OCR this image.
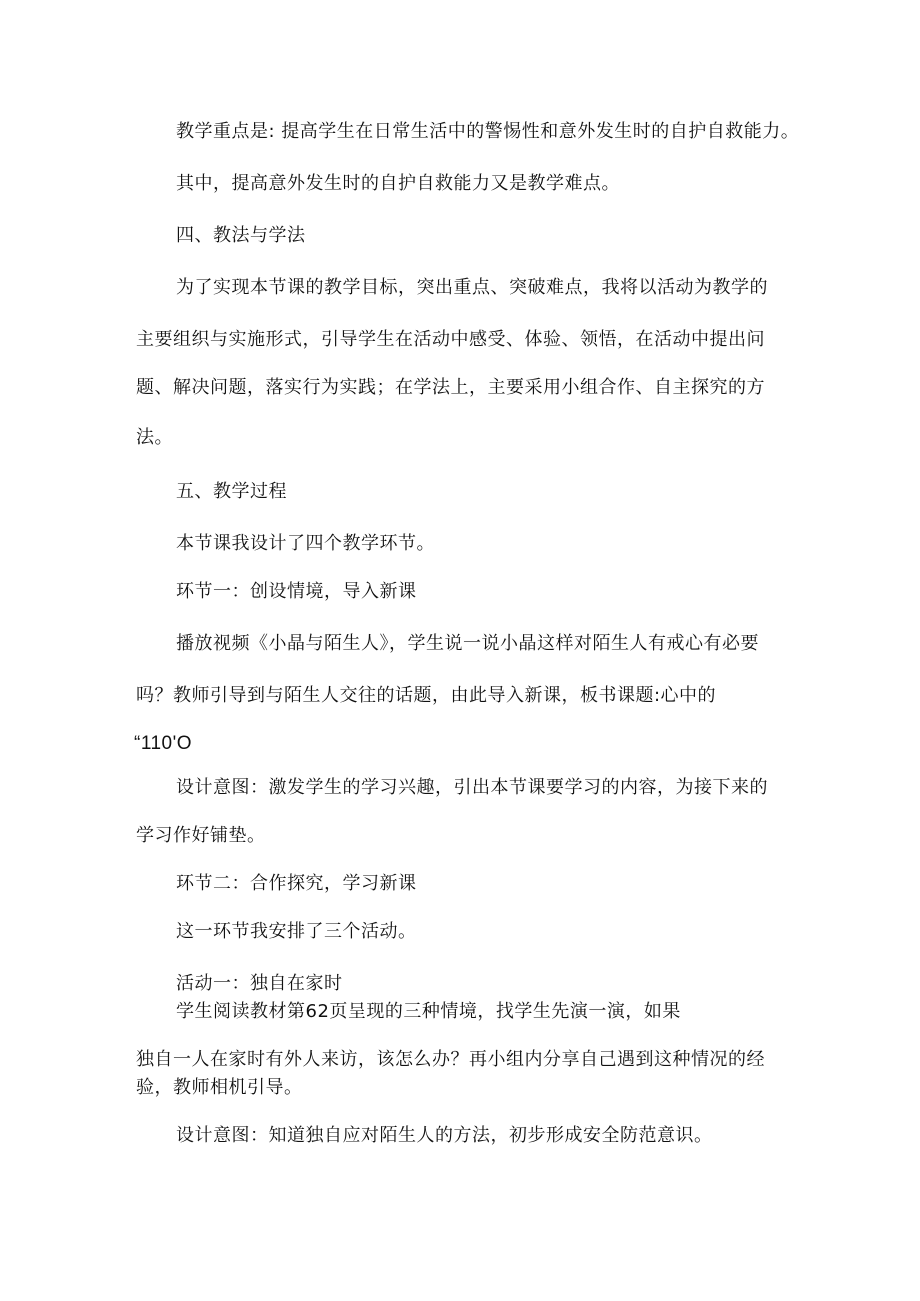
教学重点是: 提高学生在日常生活中的警惕性和意外发生时的自护自救能力。
其中，提高意外发生时的自护自救能力又是教学难点。
四、教法与学法
为了实现本节课的教学目标，突出重点、突破难点，我将以活动为教学的
主要组织与实施形式，引导学生在活动中感受、体验、领悟，在活动中提出问
题、解决问题，落实行为实践；在学法上，主要采用小组合作、自主探究的方
法。
五、教学过程
本节课我设计了四个教学环节。
环节一：创设情境，导入新课
播放视频《小晶与陌生人》，学生说一说小晶这样对陌生人有戒心有必要
吗？教师引导到与陌生人交往的话题，由此导入新课，板书课题:心中的
“110'O
设计意图：激发学生的学习兴趣，引出本节课要学习的内容，为接下来的
学习作好铺垫。
环节二：合作探究，学习新课
这一环节我安排了三个活动。
活动一：独自在家时
学生阅读教材第62页呈现的三种情境，找学生先演一演，如果
独自一人在家时有外人来访，该怎么办？再小组内分享自己遇到这种情况的经
验，教师相机引导。
设计意图：知道独自应对陌生人的方法，初步形成安全防范意识。
